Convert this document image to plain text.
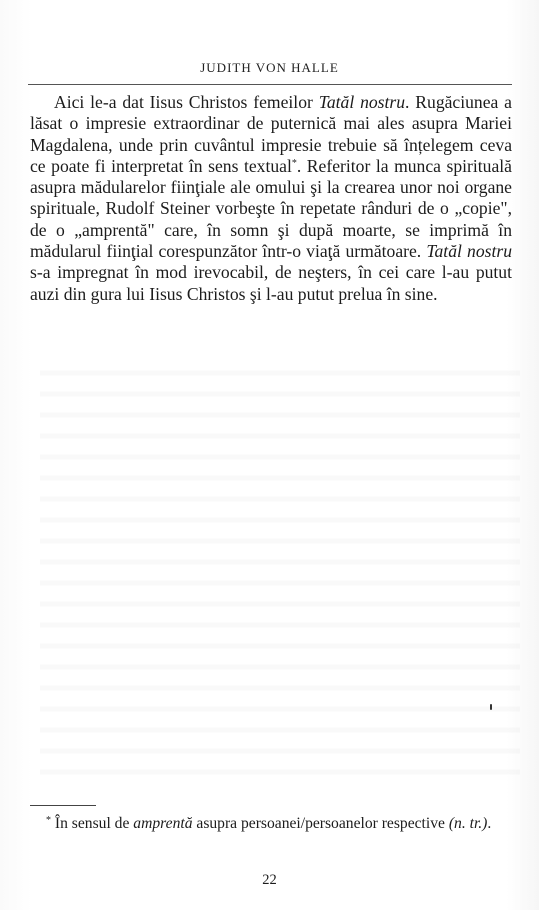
JUDITH VON HALLE

Aici le-a dat Iisus Christos femeilor Tatăl nostru. Rugăciunea a lăsat o impresie extraordinar de puternică mai ales asupra Mariei Magdalena, unde prin cuvântul impresie trebuie să înțelegem ceva ce poate fi interpretat în sens textual*. Referitor la munca spirituală asupra mădularelor fiinţiale ale omului şi la crearea unor noi organe spirituale, Rudolf Steiner vorbeşte în repetate rânduri de o „copie", de o „amprentă" care, în somn şi după moarte, se imprimă în mădularul fiinţial corespunzător într-o viaţă următoare. Tatăl nostru s-a impregnat în mod irevocabil, de neşters, în cei care l-au putut auzi din gura lui Iisus Christos şi l-au putut prelua în sine.

* În sensul de amprentă asupra persoanei/persoanelor respective (n. tr.).

22
